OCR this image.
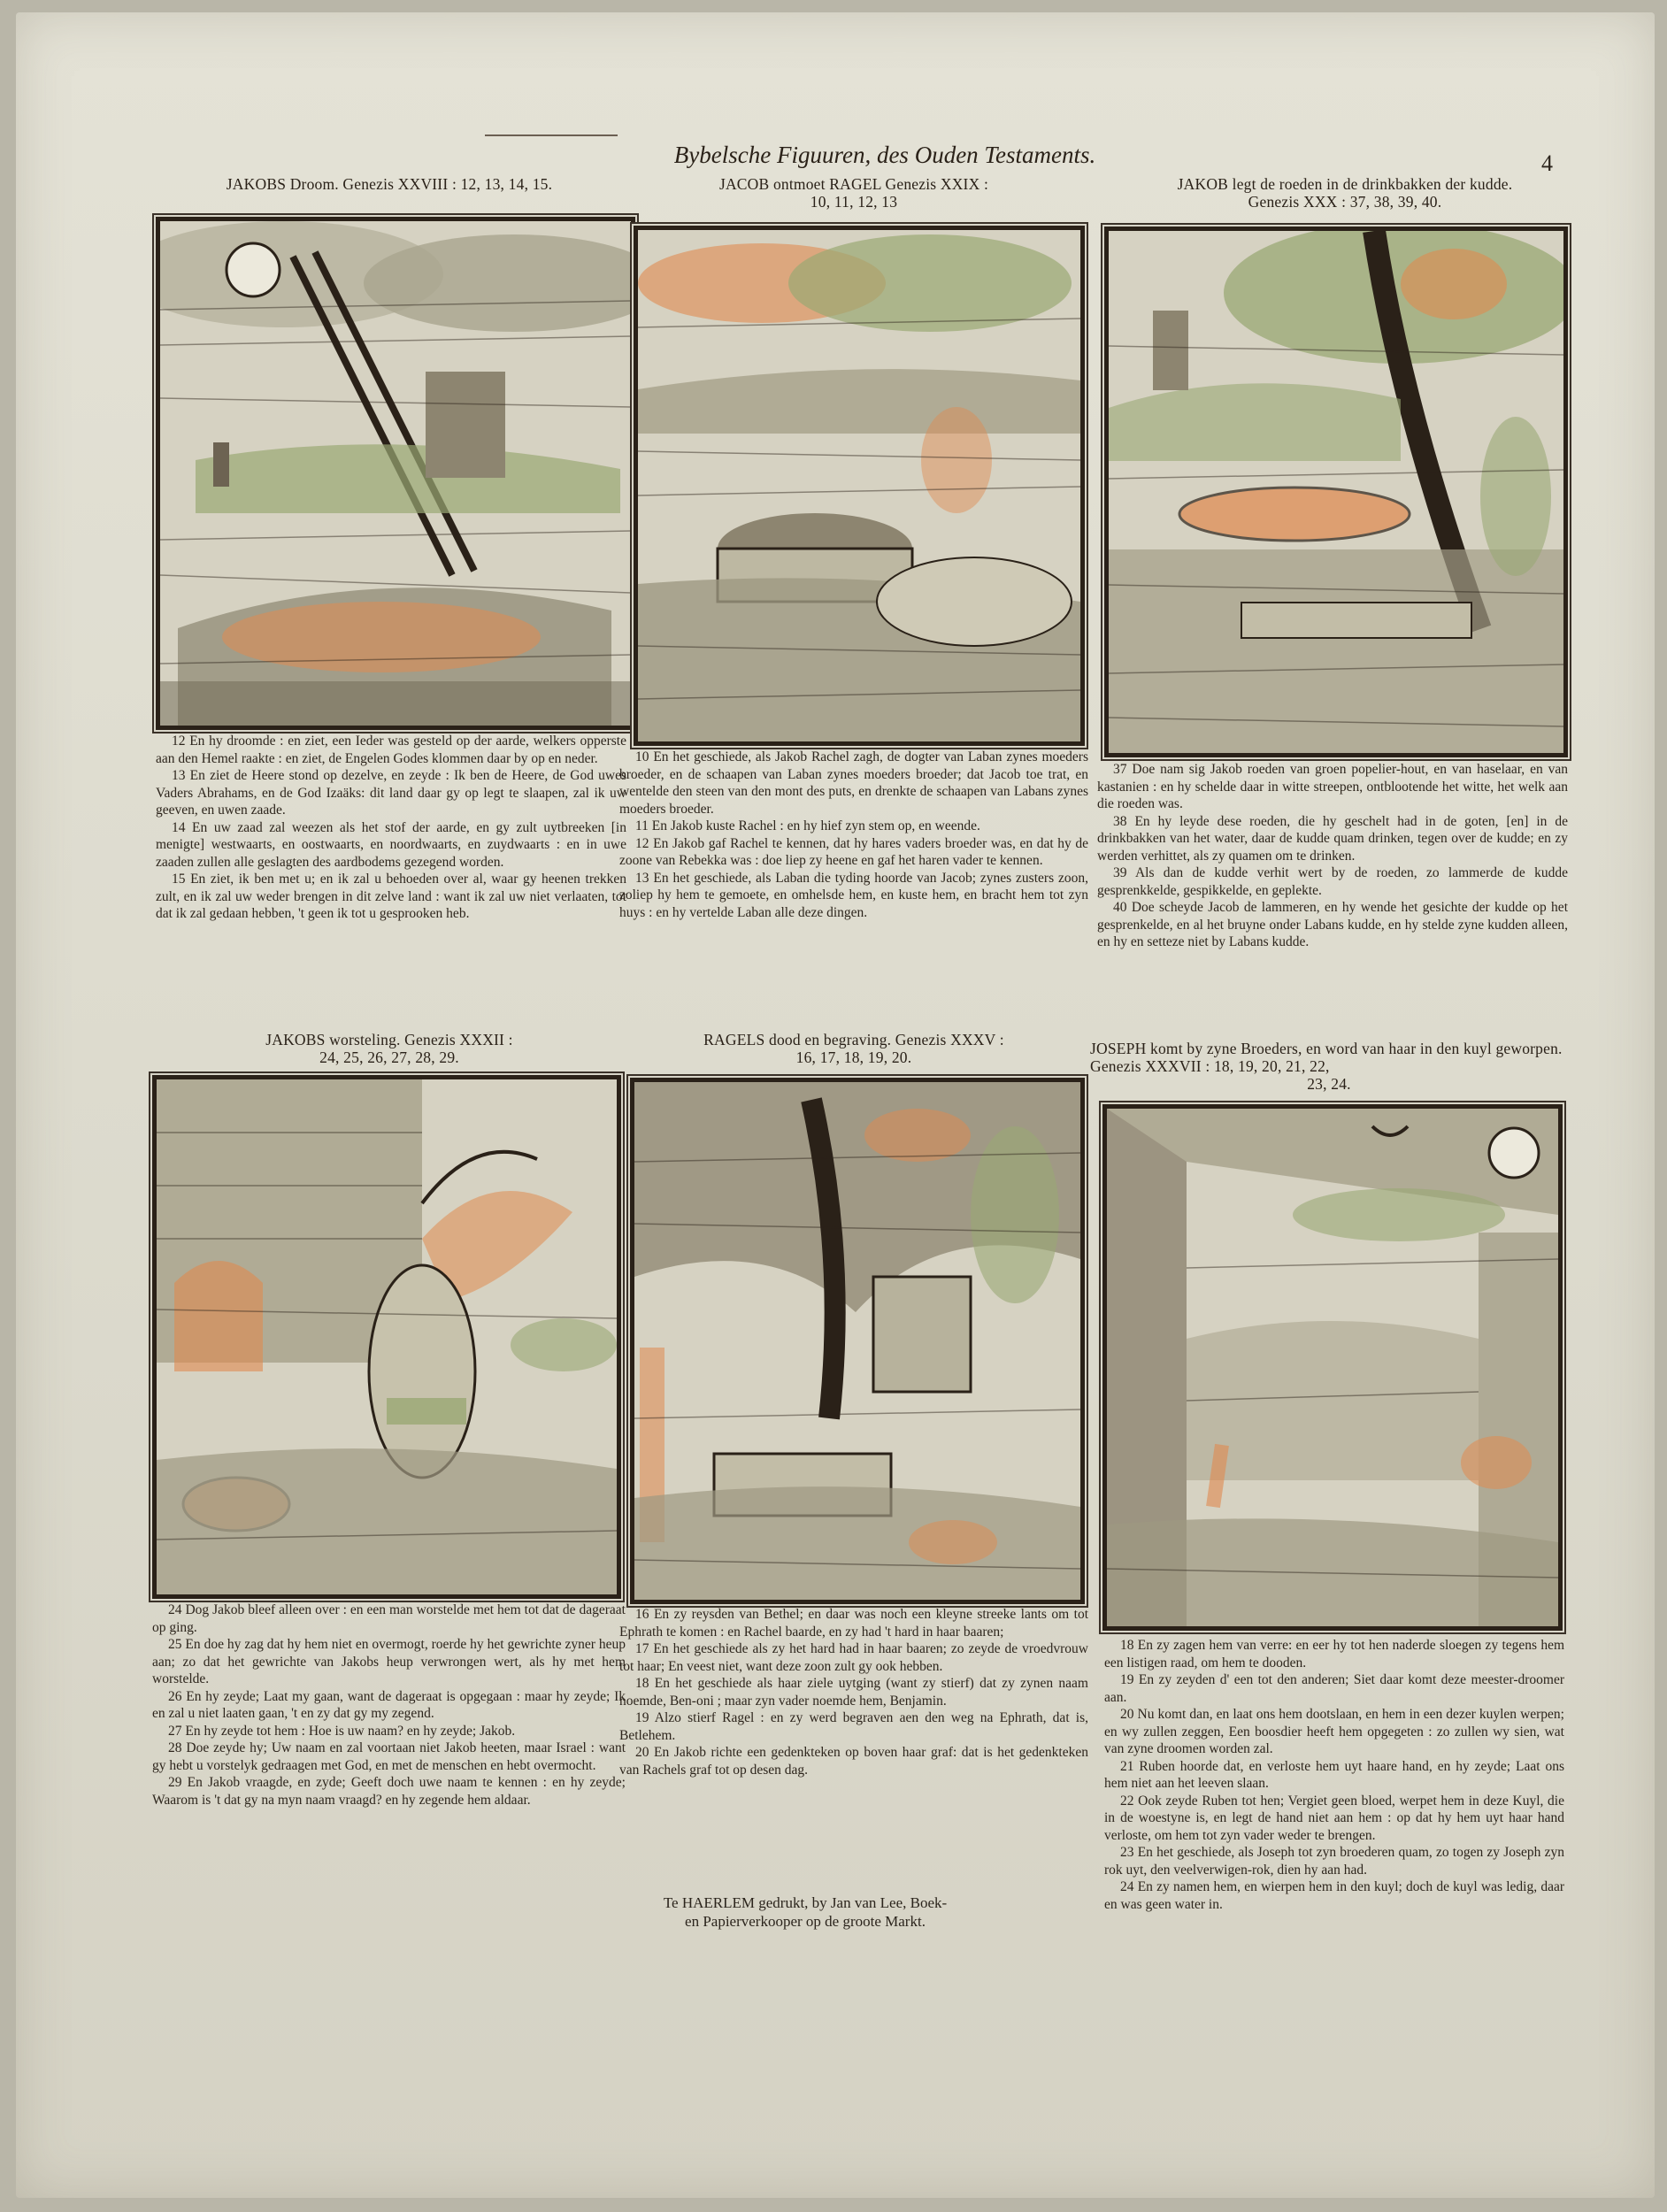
Bybelsche Figuuren, des Ouden Testaments.	4
JAKOBS Droom. Genezis XXVIII : 12, 13, 14, 15.

12 En hy droomde : en ziet, een Ieder was gesteld op der aarde, welkers opperste aan den Hemel raakte : en ziet, de Engelen Godes klommen daar by op en neder.

13 En ziet de Heere stond op dezelve, en zeyde : Ik ben de Heere, de God uwes Vaders Abrahams, en de God Izaäks: dit land daar gy op legt te slaapen, zal ik uw geeven, en uwen zaade.

14 En uw zaad zal weezen als het stof der aarde, en gy zult uytbreeken [in menigte] westwaarts, en oostwaarts, en noordwaarts, en zuydwaarts : en in uwe zaaden zullen alle geslagten des aardbodems gezegend worden.

15 En ziet, ik ben met u; en ik zal u behoeden over al, waar gy heenen trekken zult, en ik zal uw weder brengen in dit zelve land : want ik zal uw niet verlaaten, tot dat ik zal gedaan hebben, 't geen ik tot u gesprooken heb.

JACOB ontmoet RAGEL Genezis XXIX :
10, 11, 12, 13

10 En het geschiede, als Jakob Rachel zagh, de dogter van Laban zynes moeders broeder, en de schaapen van Laban zynes moeders broeder; dat Jacob toe trat, en wentelde den steen van den mont des puts, en drenkte de schaapen van Labans zynes moeders broeder.

11 En Jakob kuste Rachel : en hy hief zyn stem op, en weende.

12 En Jakob gaf Rachel te kennen, dat hy hares vaders broeder was, en dat hy de zoone van Rebekka was : doe liep zy heene en gaf het haren vader te kennen.

13 En het geschiede, als Laban die tyding hoorde van Jacob; zynes zusters zoon, zoliep hy hem te gemoete, en omhelsde hem, en kuste hem, en bracht hem tot zyn huys : en hy vertelde Laban alle deze dingen.

JAKOB legt de roeden in de drinkbakken der kudde.
Genezis XXX : 37, 38, 39, 40.

37 Doe nam sig Jakob roeden van groen popelier-hout, en van haselaar, en van kastanien : en hy schelde daar in witte streepen, ontblootende het witte, het welk aan die roeden was.

38 En hy leyde dese roeden, die hy geschelt had in de goten, [en] in de drinkbakken van het water, daar de kudde quam drinken, tegen over de kudde; en zy werden verhittet, als zy quamen om te drinken.

39 Als dan de kudde verhit wert by de roeden, zo lammerde de kudde gesprenkkelde, gespikkelde, en geplekte.

40 Doe scheyde Jacob de lammeren, en hy wende het gesichte der kudde op het gesprenkelde, en al het bruyne onder Labans kudde, en hy stelde zyne kudden alleen, en hy en setteze niet by Labans kudde.

JAKOBS worsteling. Genezis XXXII :
24, 25, 26, 27, 28, 29.

24 Dog Jakob bleef alleen over : en een man worstelde met hem tot dat de dageraat op ging.

25 En doe hy zag dat hy hem niet en overmogt, roerde hy het gewrichte zyner heup aan; zo dat het gewrichte van Jakobs heup verwrongen wert, als hy met hem worstelde.

26 En hy zeyde; Laat my gaan, want de dageraat is opgegaan : maar hy zeyde; Ik en zal u niet laaten gaan, 't en zy dat gy my zegend.

27 En hy zeyde tot hem : Hoe is uw naam? en hy zeyde; Jakob.

28 Doe zeyde hy; Uw naam en zal voortaan niet Jakob heeten, maar Israel : want gy hebt u vorstelyk gedraagen met God, en met de menschen en hebt overmocht.

29 En Jakob vraagde, en zyde; Geeft doch uwe naam te kennen : en hy zeyde; Waarom is 't dat gy na myn naam vraagd? en hy zegende hem aldaar.

RAGELS dood en begraving. Genezis XXXV :
16, 17, 18, 19, 20.

16 En zy reysden van Bethel; en daar was noch een kleyne streeke lants om tot Ephrath te komen : en Rachel baarde, en zy had 't hard in haar baaren;

17 En het geschiede als zy het hard had in haar baaren; zo zeyde de vroedvrouw tot haar; En veest niet, want deze zoon zult gy ook hebben.

18 En het geschiede als haar ziele uytging (want zy stierf) dat zy zynen naam noemde, Ben-oni ; maar zyn vader noemde hem, Benjamin.

19 Alzo stierf Ragel : en zy werd begraven aen den weg na Ephrath, dat is, Betlehem.

20 En Jakob richte een gedenkteken op boven haar graf: dat is het gedenkteken van Rachels graf tot op desen dag.

JOSEPH komt by zyne Broeders, en word van haar in den kuyl geworpen. Genezis XXXVII : 18, 19, 20, 21, 22,
23, 24.

18 En zy zagen hem van verre: en eer hy tot hen naderde sloegen zy tegens hem een listigen raad, om hem te dooden.

19 En zy zeyden d' een tot den anderen; Siet daar komt deze meester-droomer aan.

20 Nu komt dan, en laat ons hem dootslaan, en hem in een dezer kuylen werpen; en wy zullen zeggen, Een boosdier heeft hem opgegeten : zo zullen wy sien, wat van zyne droomen worden zal.

21 Ruben hoorde dat, en verloste hem uyt haare hand, en hy zeyde; Laat ons hem niet aan het leeven slaan.

22 Ook zeyde Ruben tot hen; Vergiet geen bloed, werpet hem in deze Kuyl, die in de woestyne is, en legt de hand niet aan hem : op dat hy hem uyt haar hand verloste, om hem tot zyn vader weder te brengen.

23 En het geschiede, als Joseph tot zyn broederen quam, zo togen zy Joseph zyn rok uyt, den veelverwigen-rok, dien hy aan had.

24 En zy namen hem, en wierpen hem in den kuyl; doch de kuyl was ledig, daar en was geen water in.

Te HAERLEM gedrukt, by Jan van Lee, Boek-
en Papierverkooper op de groote Markt.
